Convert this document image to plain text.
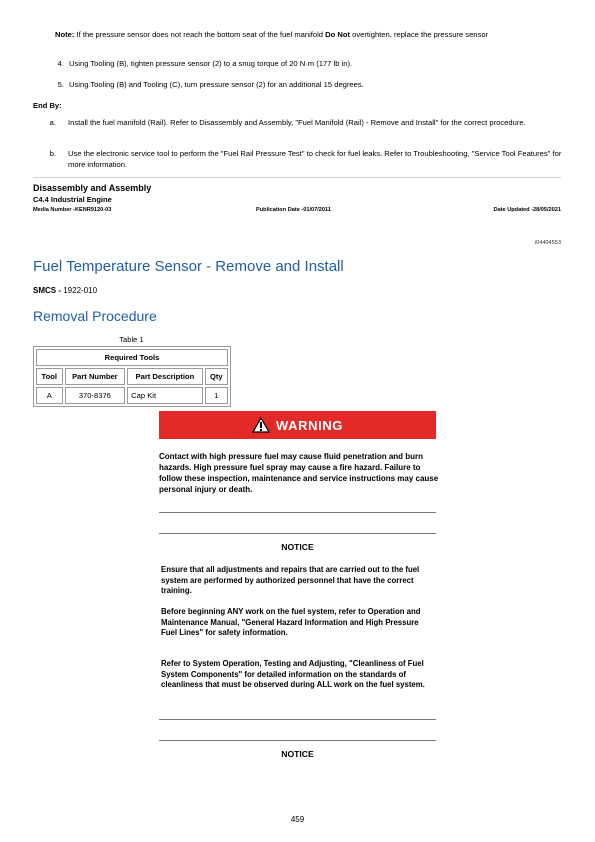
Note: If the pressure sensor does not reach the bottom seat of the fuel manifold Do Not overtighten, replace the pressure sensor
4. Using Tooling (B), tighten pressure sensor (2) to a snug torque of 20 N·m (177 lb in).
5. Using Tooling (B) and Tooling (C), turn pressure sensor (2) for an additional 15 degrees.
End By:
a. Install the fuel manifold (Rail). Refer to Disassembly and Assembly, "Fuel Manifold (Rail) - Remove and Install" for the correct procedure.
b. Use the electronic service tool to perform the "Fuel Rail Pressure Test" to check for fuel leaks. Refer to Troubleshooting, "Service Tool Features" for more information.
Disassembly and Assembly
C4.4 Industrial Engine
Media Number -KENR9120-03	Publication Date -01/07/2011	Date Updated -28/05/2021
i04404553
Fuel Temperature Sensor - Remove and Install
SMCS - 1922-010
Removal Procedure
Table 1
Required Tools			
Tool	Part Number	Part Description	Qty
A	370-8376	Cap Kit	1
WARNING
Contact with high pressure fuel may cause fluid penetration and burn hazards. High pressure fuel spray may cause a fire hazard. Failure to follow these inspection, maintenance and service instructions may cause personal injury or death.
NOTICE
Ensure that all adjustments and repairs that are carried out to the fuel system are performed by authorized personnel that have the correct training.
Before beginning ANY work on the fuel system, refer to Operation and Maintenance Manual, "General Hazard Information and High Pressure Fuel Lines" for safety information.
Refer to System Operation, Testing and Adjusting, "Cleanliness of Fuel System Components" for detailed information on the standards of cleanliness that must be observed during ALL work on the fuel system.
NOTICE
459
